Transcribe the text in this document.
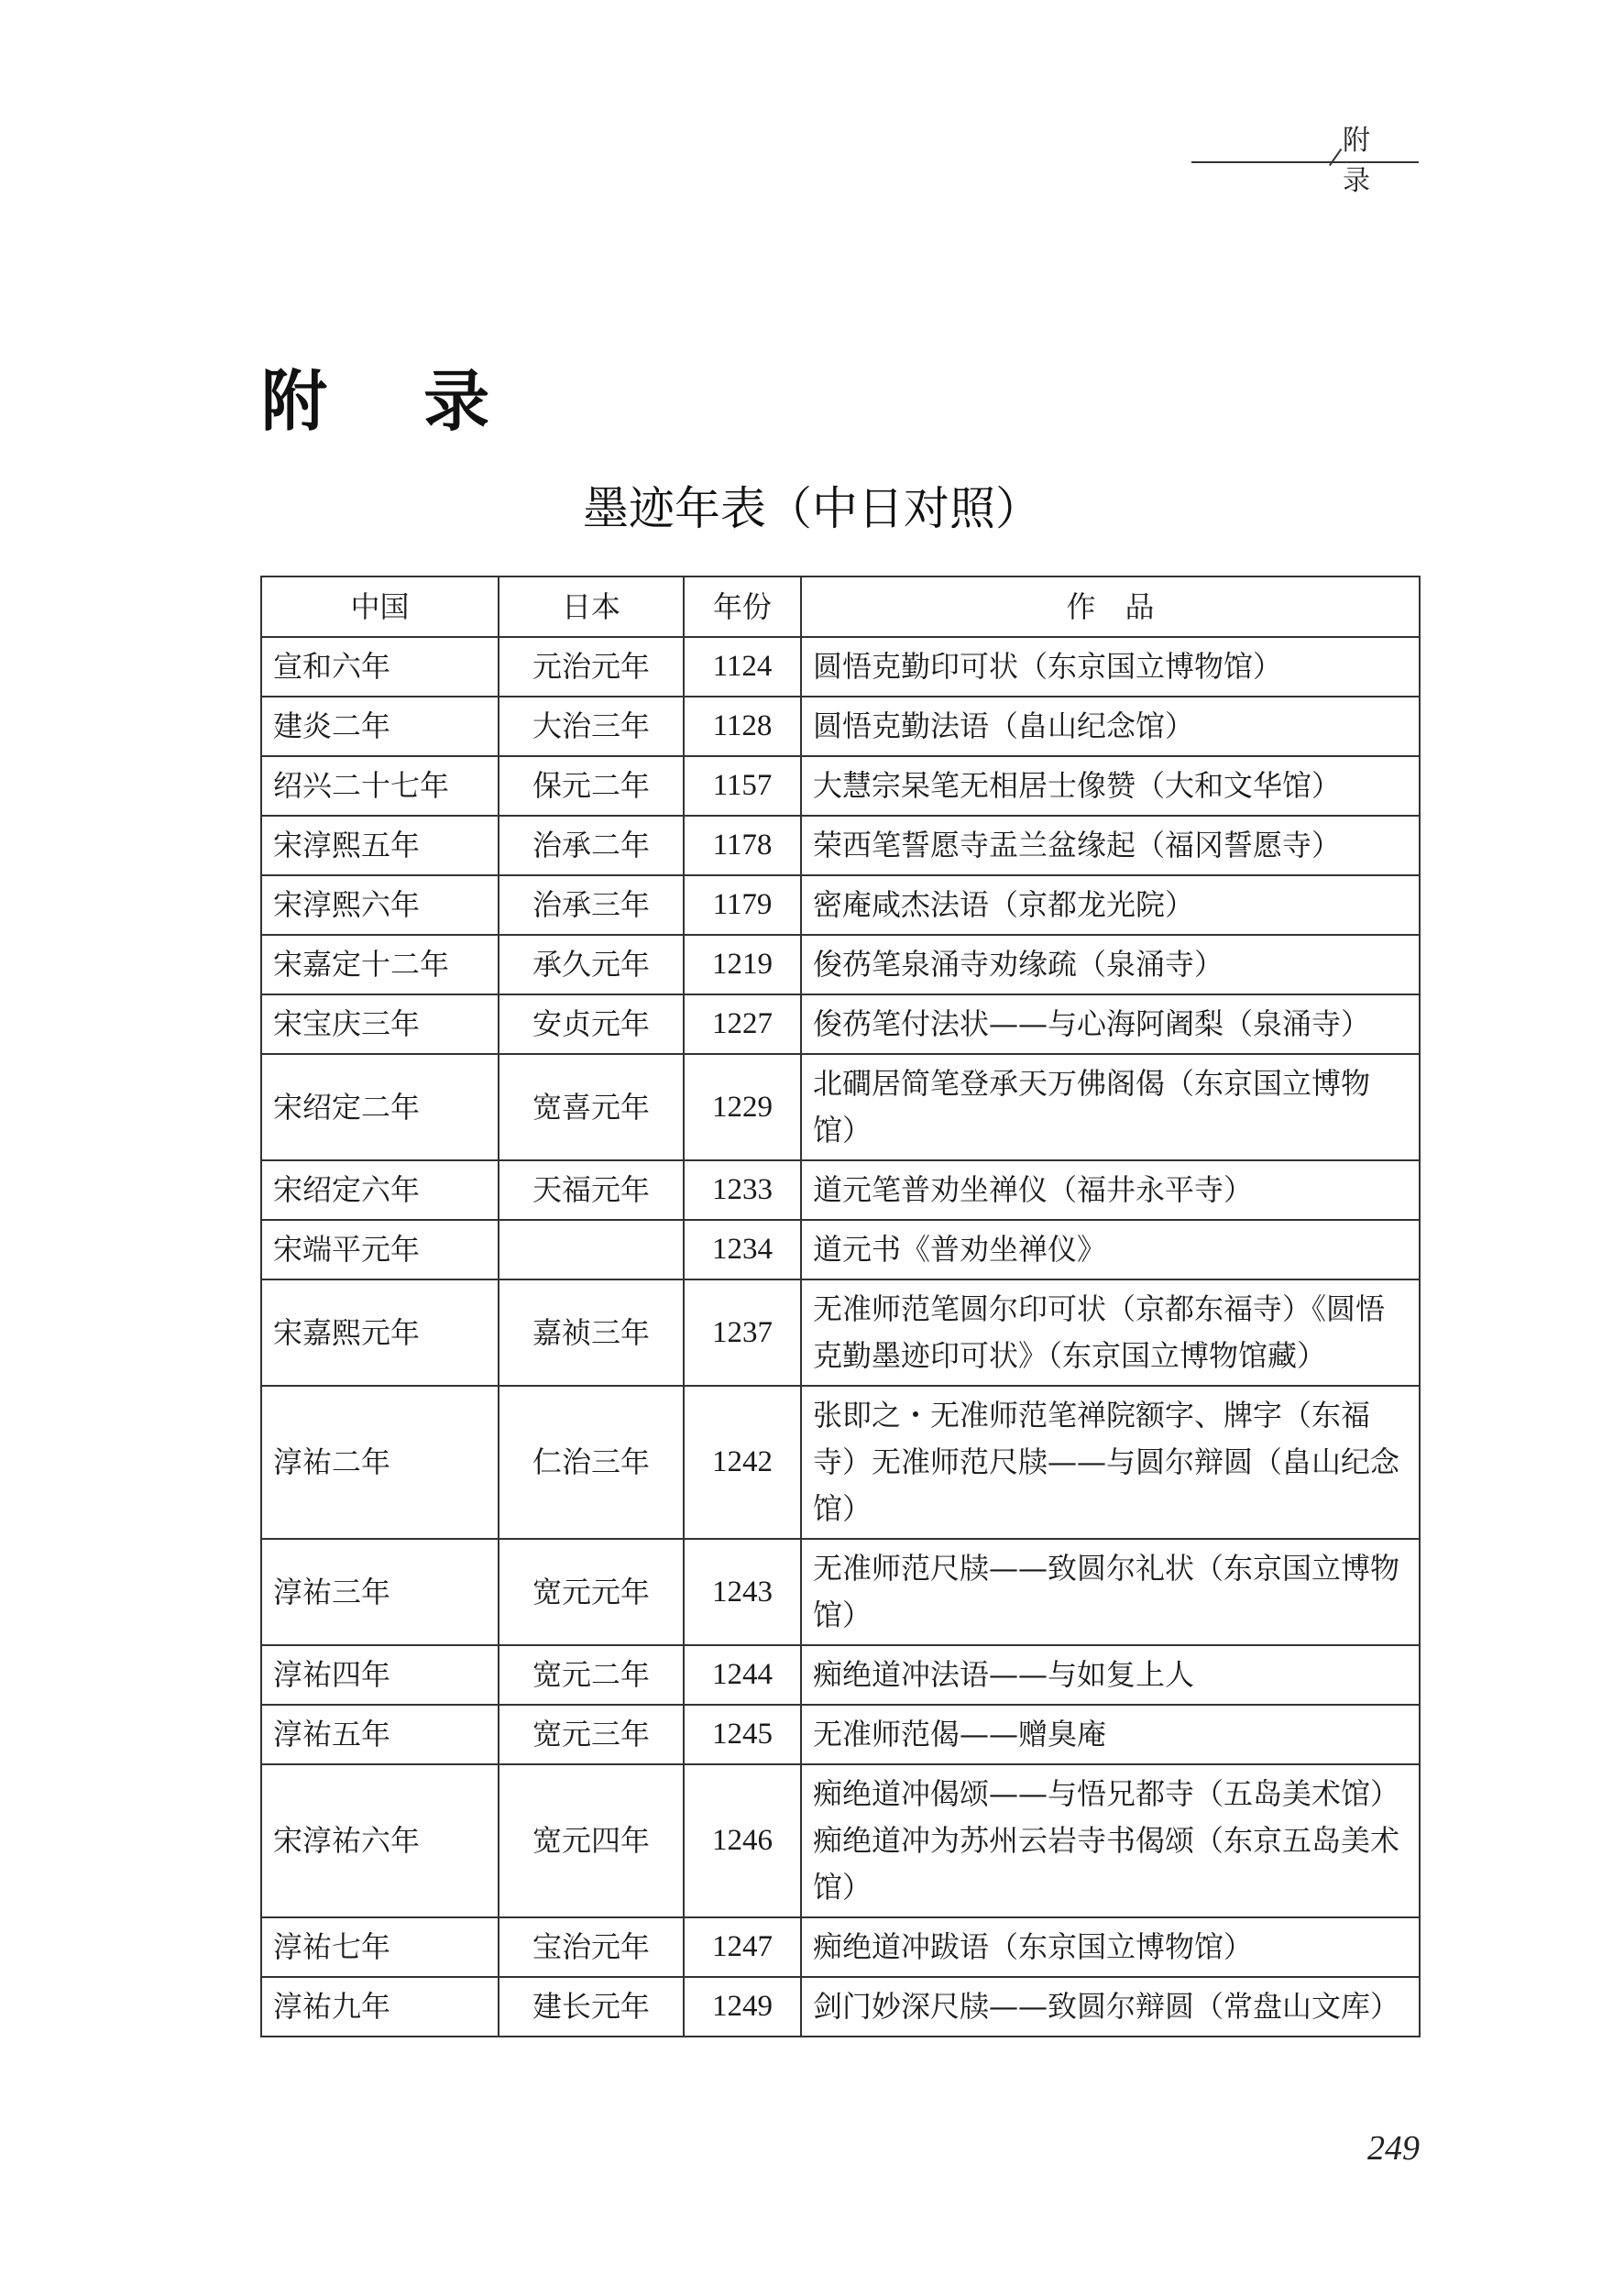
附 录
附 录
墨迹年表（中日对照）
中国	日本	年份	作　品
宣和六年	元治元年	1124	圆悟克勤印可状（东京国立博物馆）
建炎二年	大治三年	1128	圆悟克勤法语（畠山纪念馆）
绍兴二十七年	保元二年	1157	大慧宗杲笔无相居士像赞（大和文华馆）
宋淳熙五年	治承二年	1178	荣西笔誓愿寺盂兰盆缘起（福冈誓愿寺）
宋淳熙六年	治承三年	1179	密庵咸杰法语（京都龙光院）
宋嘉定十二年	承久元年	1219	俊芿笔泉涌寺劝缘疏（泉涌寺）
宋宝庆三年	安贞元年	1227	俊芿笔付法状——与心海阿阇梨（泉涌寺）
宋绍定二年	宽喜元年	1229	北磵居简笔登承天万佛阁偈（东京国立博物馆）
宋绍定六年	天福元年	1233	道元笔普劝坐禅仪（福井永平寺）
宋端平元年		1234	道元书《普劝坐禅仪》
宋嘉熙元年	嘉祯三年	1237	无准师范笔圆尔印可状（京都东福寺）《圆悟克勤墨迹印可状》（东京国立博物馆藏）
淳祐二年	仁治三年	1242	张即之・无准师范笔禅院额字、牌字（东福寺）无准师范尺牍——与圆尔辩圆（畠山纪念馆）
淳祐三年	宽元元年	1243	无准师范尺牍——致圆尔礼状（东京国立博物馆）
淳祐四年	宽元二年	1244	痴绝道冲法语——与如复上人
淳祐五年	宽元三年	1245	无准师范偈——赠臭庵
宋淳祐六年	宽元四年	1246	痴绝道冲偈颂——与悟兄都寺（五岛美术馆）痴绝道冲为苏州云岩寺书偈颂（东京五岛美术馆）
淳祐七年	宝治元年	1247	痴绝道冲跋语（东京国立博物馆）
淳祐九年	建长元年	1249	剑门妙深尺牍——致圆尔辩圆（常盘山文库）
249
